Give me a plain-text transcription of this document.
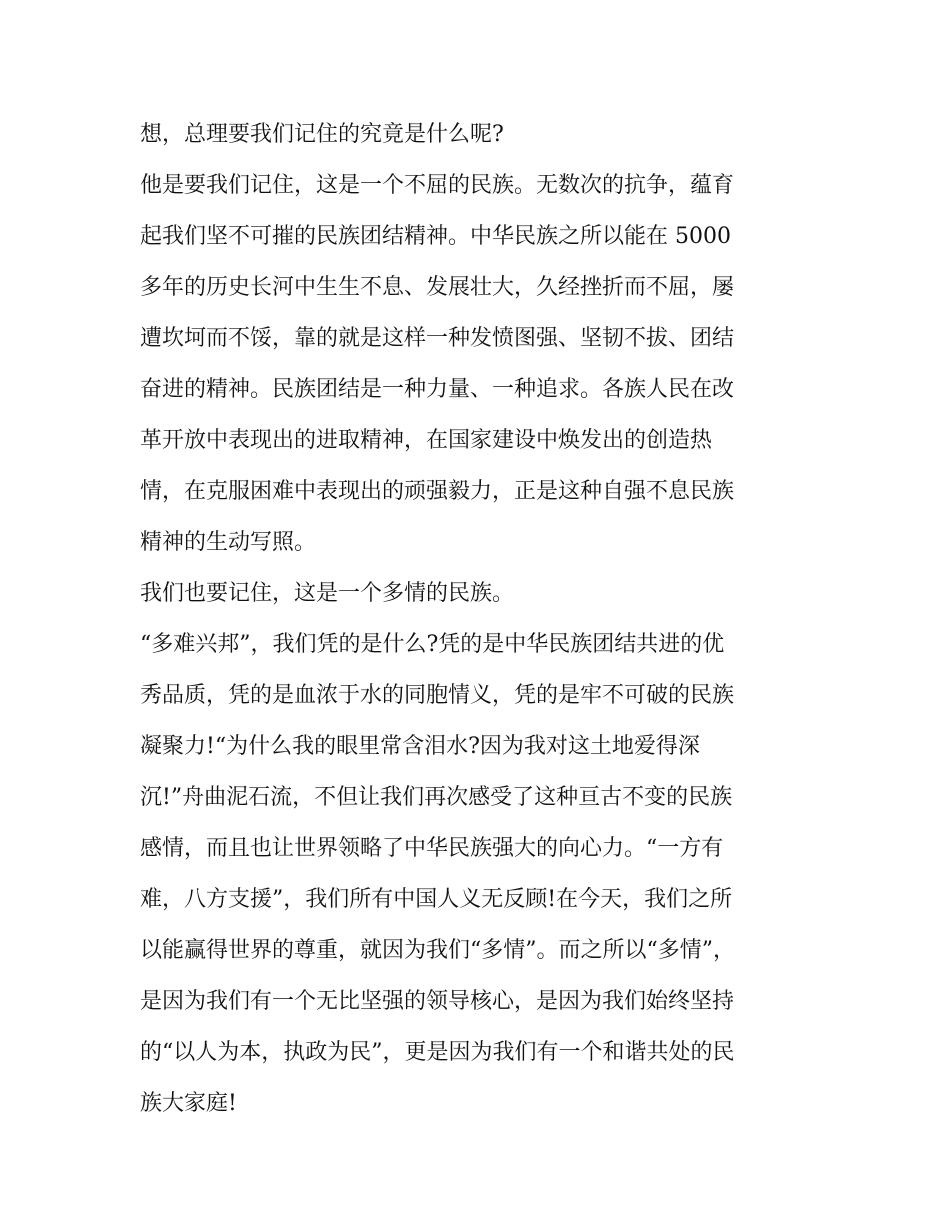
想，总理要我们记住的究竟是什么呢?
他是要我们记住，这是一个不屈的民族。无数次的抗争，蕴育
起我们坚不可摧的民族团结精神。中华民族之所以能在 5000
多年的历史长河中生生不息、发展壮大，久经挫折而不屈，屡
遭坎坷而不馁，靠的就是这样一种发愤图强、坚韧不拔、团结
奋进的精神。民族团结是一种力量、一种追求。各族人民在改
革开放中表现出的进取精神，在国家建设中焕发出的创造热
情，在克服困难中表现出的顽强毅力，正是这种自强不息民族
精神的生动写照。
我们也要记住，这是一个多情的民族。
“多难兴邦”，我们凭的是什么?凭的是中华民族团结共进的优
秀品质，凭的是血浓于水的同胞情义，凭的是牢不可破的民族
凝聚力!“为什么我的眼里常含泪水?因为我对这土地爱得深
沉!”舟曲泥石流，不但让我们再次感受了这种亘古不变的民族
感情，而且也让世界领略了中华民族强大的向心力。“一方有
难，八方支援”，我们所有中国人义无反顾!在今天，我们之所
以能赢得世界的尊重，就因为我们“多情”。而之所以“多情”，
是因为我们有一个无比坚强的领导核心，是因为我们始终坚持
的“以人为本，执政为民”，更是因为我们有一个和谐共处的民
族大家庭!
